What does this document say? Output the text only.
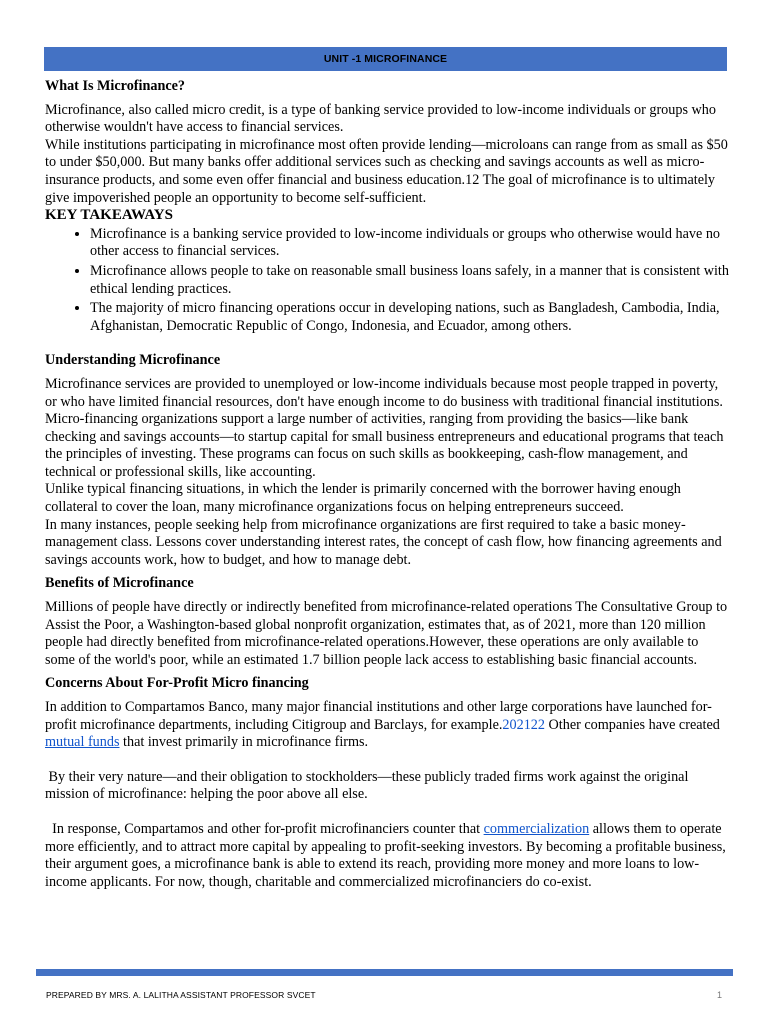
UNIT -1 MICROFINANCE
What Is Microfinance?

Microfinance, also called micro credit, is a type of banking service provided to low-income individuals or groups who otherwise wouldn't have access to financial services.

While institutions participating in microfinance most often provide lending—microloans can range from as small as $50 to under $50,000. But many banks offer additional services such as checking and savings accounts as well as micro-insurance products, and some even offer financial and business education.12 The goal of microfinance is to ultimately give impoverished people an opportunity to become self-sufficient.

KEY TAKEAWAYS
• Microfinance is a banking service provided to low-income individuals or groups who otherwise would have no other access to financial services.
• Microfinance allows people to take on reasonable small business loans safely, in a manner that is consistent with ethical lending practices.
• The majority of micro financing operations occur in developing nations, such as Bangladesh, Cambodia, India, Afghanistan, Democratic Republic of Congo, Indonesia, and Ecuador, among others.
Understanding Microfinance

Microfinance services are provided to unemployed or low-income individuals because most people trapped in poverty, or who have limited financial resources, don't have enough income to do business with traditional financial institutions.

Micro-financing organizations support a large number of activities, ranging from providing the basics—like bank checking and savings accounts—to startup capital for small business entrepreneurs and educational programs that teach the principles of investing. These programs can focus on such skills as bookkeeping, cash-flow management, and technical or professional skills, like accounting.

Unlike typical financing situations, in which the lender is primarily concerned with the borrower having enough collateral to cover the loan, many microfinance organizations focus on helping entrepreneurs succeed.

In many instances, people seeking help from microfinance organizations are first required to take a basic money-management class. Lessons cover understanding interest rates, the concept of cash flow, how financing agreements and savings accounts work, how to budget, and how to manage debt.

Benefits of Microfinance

Millions of people have directly or indirectly benefited from microfinance-related operations The Consultative Group to Assist the Poor, a Washington-based global nonprofit organization, estimates that, as of 2021, more than 120 million people had directly benefited from microfinance-related operations.However, these operations are only available to some of the world's poor, while an estimated 1.7 billion people lack access to establishing basic financial accounts.

Concerns About For-Profit Micro financing

In addition to Compartamos Banco, many major financial institutions and other large corporations have launched for-profit microfinance departments, including Citigroup and Barclays, for example.202122 Other companies have created mutual funds that invest primarily in microfinance firms.

By their very nature—and their obligation to stockholders—these publicly traded firms work against the original mission of microfinance: helping the poor above all else.

In response, Compartamos and other for-profit microfinanciers counter that commercialization allows them to operate more efficiently, and to attract more capital by appealing to profit-seeking investors. By becoming a profitable business, their argument goes, a microfinance bank is able to extend its reach, providing more money and more loans to low-income applicants. For now, though, charitable and commercialized microfinanciers do co-exist.

PREPARED BY MRS. A. LALITHA ASSISTANT PROFESSOR SVCET	1
